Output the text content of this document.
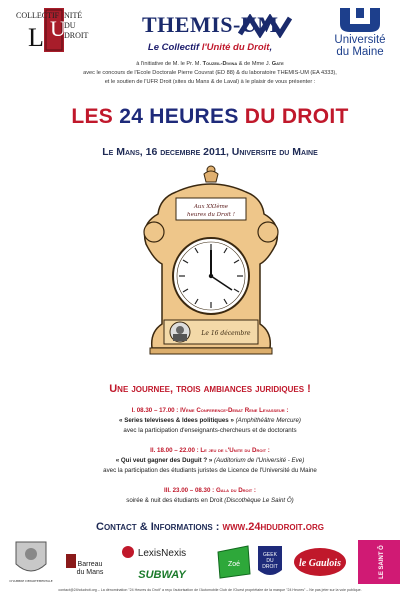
COLLECTIF NITÉ
DU
DROIT
L U	THEMIS-UM
Université
du Maine
Le Collectif l'Unité du Droit,
à l'initiative de M. le Pr. M. Touzeil-Divina & de Mme J. Gate
avec le concours de l'Ecole Doctorale Pierre Couvrat (ED 88) & du laboratoire THEMIS-UM (EA 4333),
et le soutien de l'UFR Droit (sites du Mans & de Laval) à le plaisir de vous présenter :
LES 24 HEURES DU DROIT
Le Mans, 16 decembre 2011, Universite du Maine
Aux XXIème
heures du Droit !
Le 16 décembre
Une journee, trois ambiances juridiques !
I. 08.30 – 17.00 : IVème Conference-Debat Rene Levasseur :
« Series televisees & Idees politiques » (Amphithéâtre Mercure)
avec la participation d'enseignants-chercheurs et de doctorants
II. 18.00 – 22.00 : Le jeu de l'Unite du Droit :
« Qui veut gagner des Duguit ? » (Auditorium de l'Université - Eve)
avec la participation des étudiants juristes de Licence de l'Université du Maine
III. 23.00 – 08.30 : Gala du Droit :
soirée & nuit des étudiants en Droit (Discothèque Le Saint Ô)
Contact & Informations : www.24hdudroit.org
CHAMBRE DEPARTEMENTALE
Barreau
du Mans
LexisNexis
SUBWAY
Zoé
GEEK
DU
DROIT le Gaulois	LE SAINT Ô
contact@24hdudroit.org – La dénomination "24 Heures du Droit" a reçu l'autorisation de l'Automobile Club de l'Ouest propriétaire de la marque "24 Heures" – Ne pas jeter sur la voie publique.
